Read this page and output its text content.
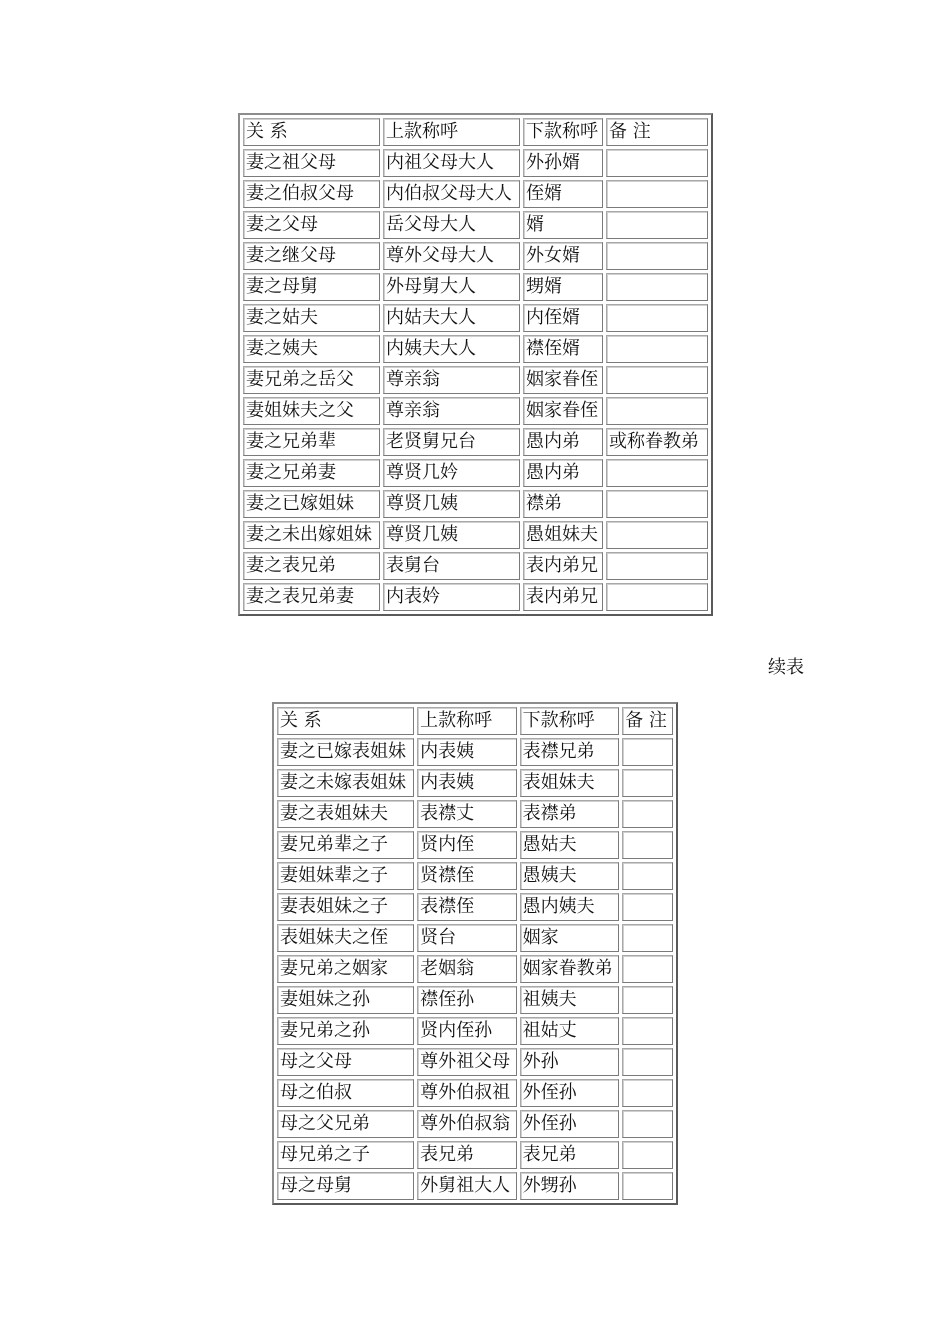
关 系	上款称呼	下款称呼	备 注
妻之祖父母	内祖父母大人	外孙婿	
妻之伯叔父母	内伯叔父母大人	侄婿	
妻之父母	岳父母大人	婿	
妻之继父母	尊外父母大人	外女婿	
妻之母舅	外母舅大人	甥婿	
妻之姑夫	内姑夫大人	内侄婿	
妻之姨夫	内姨夫大人	襟侄婿	
妻兄弟之岳父	尊亲翁	姻家眷侄	
妻姐妹夫之父	尊亲翁	姻家眷侄	
妻之兄弟辈	老贤舅兄台	愚内弟	或称眷教弟
妻之兄弟妻	尊贤几妗	愚内弟	
妻之已嫁姐妹	尊贤几姨	襟弟	
妻之未出嫁姐妹	尊贤几姨	愚姐妹夫	
妻之表兄弟	表舅台	表内弟兄	
妻之表兄弟妻	内表妗	表内弟兄	
续表
关 系	上款称呼	下款称呼	备 注
妻之已嫁表姐妹	内表姨	表襟兄弟	
妻之未嫁表姐妹	内表姨	表姐妹夫	
妻之表姐妹夫	表襟丈	表襟弟	
妻兄弟辈之子	贤内侄	愚姑夫	
妻姐妹辈之子	贤襟侄	愚姨夫	
妻表姐妹之子	表襟侄	愚内姨夫	
表姐妹夫之侄	贤台	姻家	
妻兄弟之姻家	老姻翁	姻家眷教弟	
妻姐妹之孙	襟侄孙	祖姨夫	
妻兄弟之孙	贤内侄孙	祖姑丈	
母之父母	尊外祖父母	外孙	
母之伯叔	尊外伯叔祖	外侄孙	
母之父兄弟	尊外伯叔翁	外侄孙	
母兄弟之子	表兄弟	表兄弟	
母之母舅	外舅祖大人	外甥孙	
